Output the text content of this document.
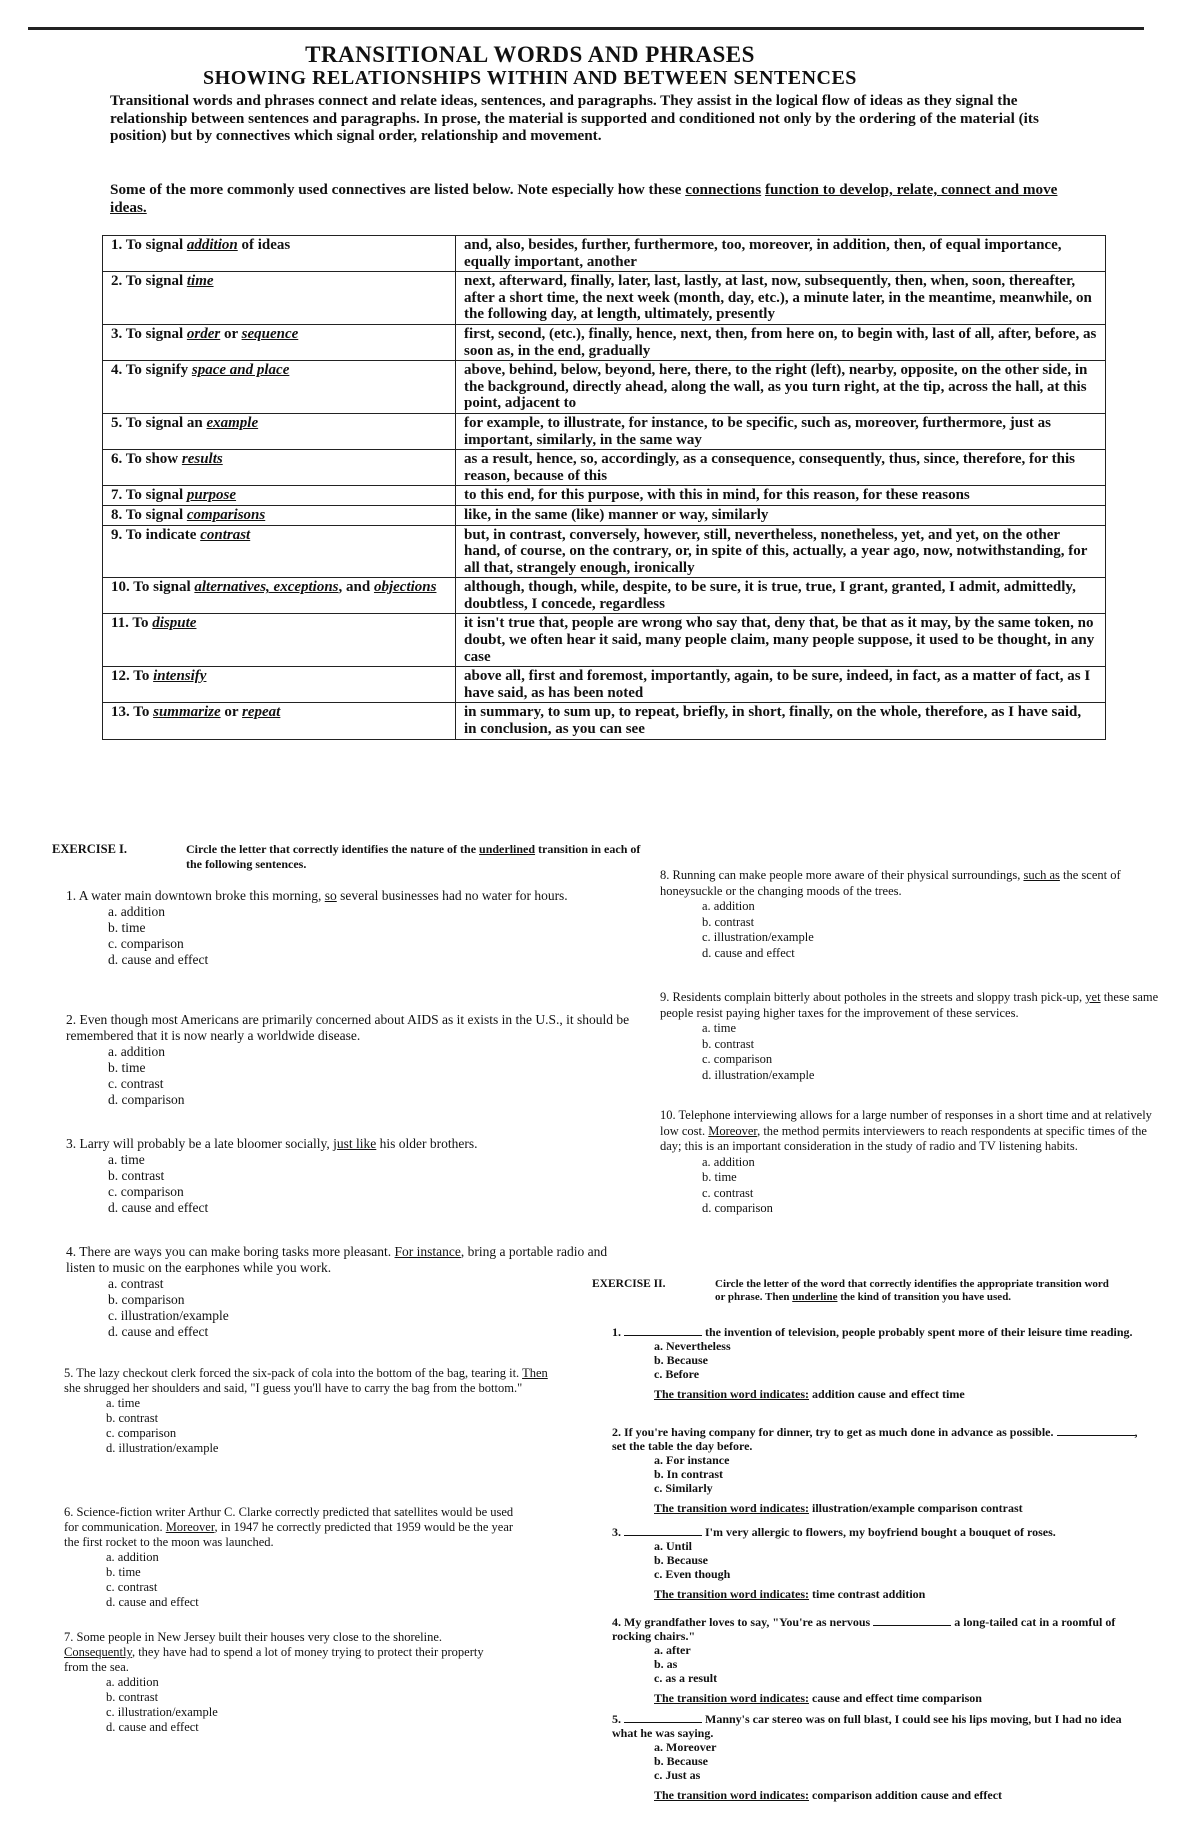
TRANSITIONAL WORDS AND PHRASES
SHOWING RELATIONSHIPS WITHIN AND BETWEEN SENTENCES
Transitional words and phrases connect and relate ideas, sentences, and paragraphs. They assist in the logical flow of ideas as they signal the relationship between sentences and paragraphs. In prose, the material is supported and conditioned not only by the ordering of the material (its position) but by connectives which signal order, relationship and movement.
Some of the more commonly used connectives are listed below. Note especially how these connections function to develop, relate, connect and move ideas.
1. To signal addition of ideas	and, also, besides, further, furthermore, too, moreover, in addition, then, of equal importance, equally important, another
2. To signal time	next, afterward, finally, later, last, lastly, at last, now, subsequently, then, when, soon, thereafter, after a short time, the next week (month, day, etc.), a minute later, in the meantime, meanwhile, on the following day, at length, ultimately, presently
3. To signal order or sequence	first, second, (etc.), finally, hence, next, then, from here on, to begin with, last of all, after, before, as soon as, in the end, gradually
4. To signify space and place	above, behind, below, beyond, here, there, to the right (left), nearby, opposite, on the other side, in the background, directly ahead, along the wall, as you turn right, at the tip, across the hall, at this point, adjacent to
5. To signal an example	for example, to illustrate, for instance, to be specific, such as, moreover, furthermore, just as important, similarly, in the same way
6. To show results	as a result, hence, so, accordingly, as a consequence, consequently, thus, since, therefore, for this reason, because of this
7. To signal purpose	to this end, for this purpose, with this in mind, for this reason, for these reasons
8. To signal comparisons	like, in the same (like) manner or way, similarly
9. To indicate contrast	but, in contrast, conversely, however, still, nevertheless, nonetheless, yet, and yet, on the other hand, of course, on the contrary, or, in spite of this, actually, a year ago, now, notwithstanding, for all that, strangely enough, ironically
10. To signal alternatives, exceptions, and objections	although, though, while, despite, to be sure, it is true, true, I grant, granted, I admit, admittedly, doubtless, I concede, regardless
11. To dispute	it isn't true that, people are wrong who say that, deny that, be that as it may, by the same token, no doubt, we often hear it said, many people claim, many people suppose, it used to be thought, in any case
12. To intensify	above all, first and foremost, importantly, again, to be sure, indeed, in fact, as a matter of fact, as I have said, as has been noted
13. To summarize or repeat	in summary, to sum up, to repeat, briefly, in short, finally, on the whole, therefore, as I have said, in conclusion, as you can see
EXERCISE I.	Circle the letter that correctly identifies the nature of the underlined transition in each of the following sentences.
1. A water main downtown broke this morning, so several businesses had no water for hours.
a. addition
b. time
c. comparison
d. cause and effect
2. Even though most Americans are primarily concerned about AIDS as it exists in the U.S., it should be remembered that it is now nearly a worldwide disease.
a. addition
b. time
c. contrast
d. comparison
3. Larry will probably be a late bloomer socially, just like his older brothers.
a. time
b. contrast
c. comparison
d. cause and effect
4. There are ways you can make boring tasks more pleasant. For instance, bring a portable radio and listen to music on the earphones while you work.
a. contrast
b. comparison
c. illustration/example
d. cause and effect
5. The lazy checkout clerk forced the six-pack of cola into the bottom of the bag, tearing it. Then she shrugged her shoulders and said, "I guess you'll have to carry the bag from the bottom."
a. time
b. contrast
c. comparison
d. illustration/example
6. Science-fiction writer Arthur C. Clarke correctly predicted that satellites would be used for communication. Moreover, in 1947 he correctly predicted that 1959 would be the year the first rocket to the moon was launched.
a. addition
b. time
c. contrast
d. cause and effect
7. Some people in New Jersey built their houses very close to the shoreline. Consequently, they have had to spend a lot of money trying to protect their property from the sea.
a. addition
b. contrast
c. illustration/example
d. cause and effect
8. Running can make people more aware of their physical surroundings, such as the scent of honeysuckle or the changing moods of the trees.
a. addition
b. contrast
c. illustration/example
d. cause and effect
9. Residents complain bitterly about potholes in the streets and sloppy trash pick-up, yet these same people resist paying higher taxes for the improvement of these services.
a. time
b. contrast
c. comparison
d. illustration/example
10. Telephone interviewing allows for a large number of responses in a short time and at relatively low cost. Moreover, the method permits interviewers to reach respondents at specific times of the day; this is an important consideration in the study of radio and TV listening habits.
a. addition
b. time
c. contrast
d. comparison
EXERCISE II.	Circle the letter of the word that correctly identifies the appropriate transition word or phrase. Then underline the kind of transition you have used.
1.	the invention of television, people probably spent more of their leisure time reading.
a. Nevertheless
b. Because
c. Before
The transition word indicates: addition cause and effect time
2. If you're having company for dinner, try to get as much done in advance as possible.	, set the table the day before.
a. For instance
b. In contrast
c. Similarly
The transition word indicates: illustration/example comparison contrast
3.	I'm very allergic to flowers, my boyfriend bought a bouquet of roses.
a. Until
b. Because
c. Even though
The transition word indicates: time contrast addition
4. My grandfather loves to say, "You're as nervous	a long-tailed cat in a roomful of rocking chairs."
a. after
b. as
c. as a result
The transition word indicates: cause and effect time comparison
5.	Manny's car stereo was on full blast, I could see his lips moving, but I had no idea what he was saying.
a. Moreover
b. Because
c. Just as
The transition word indicates: comparison addition cause and effect
